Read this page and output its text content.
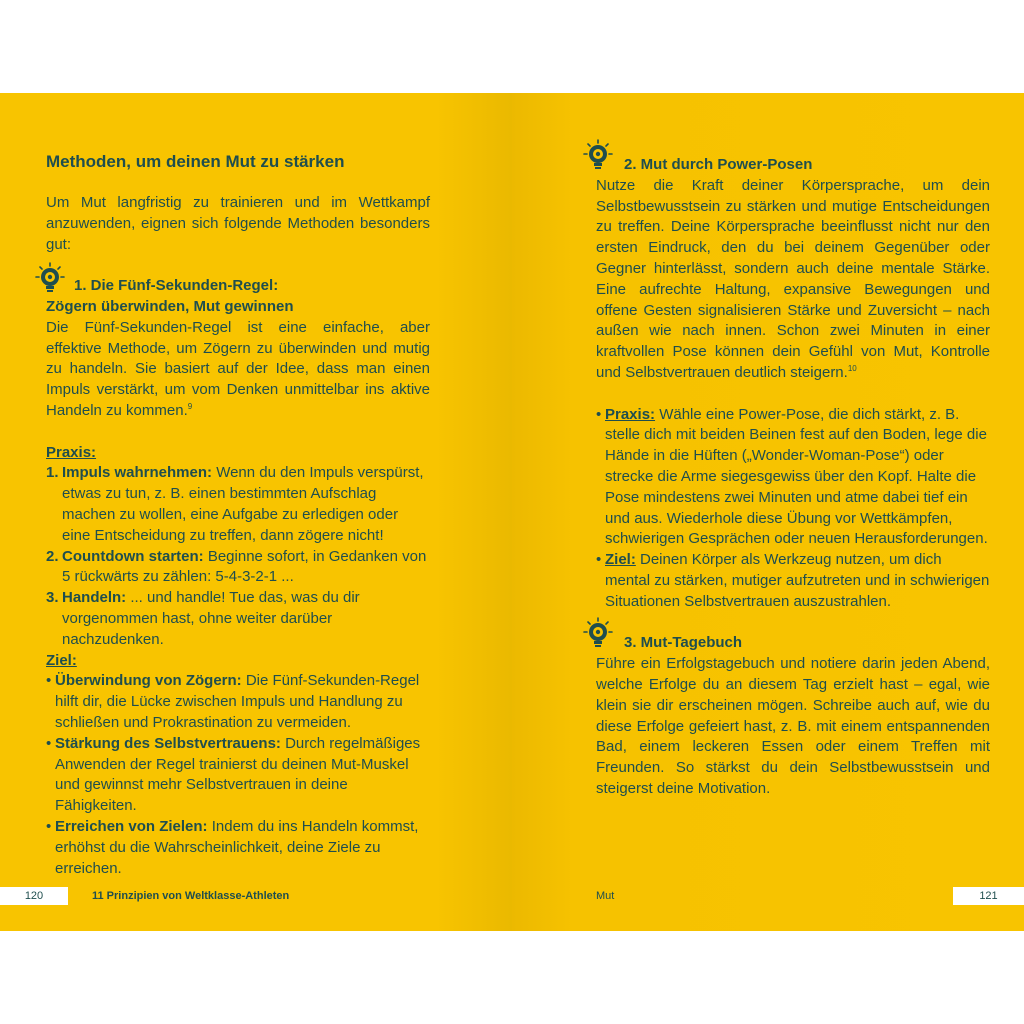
Methoden, um deinen Mut zu stärken

Um Mut langfristig zu trainieren und im Wettkampf anzuwenden, eignen sich folgende Methoden besonders gut:

1. Die Fünf-Sekunden-Regel:

Zögern überwinden, Mut gewinnen

Die Fünf-Sekunden-Regel ist eine einfache, aber effektive Methode, um Zögern zu überwinden und mutig zu handeln. Sie basiert auf der Idee, dass man einen Impuls verstärkt, um vom Denken unmittelbar ins aktive Handeln zu kommen.$^9$

Praxis:

1. Impuls wahrnehmen: Wenn du den Impuls verspürst, etwas zu tun, z. B. einen bestimmten Aufschlag machen zu wollen, eine Aufgabe zu erledigen oder eine Entscheidung zu treffen, dann zögere nicht!
2. Countdown starten: Beginne sofort, in Gedanken von 5 rückwärts zu zählen: 5-4-3-2-1 ...
3. Handeln: ... und handle! Tue das, was du dir vorgenommen hast, ohne weiter darüber nachzudenken.

Ziel:

• Überwindung von Zögern: Die Fünf-Sekunden-Regel hilft dir, die Lücke zwischen Impuls und Handlung zu schließen und Prokrastination zu vermeiden.
• Stärkung des Selbstvertrauens: Durch regelmäßiges Anwenden der Regel trainierst du deinen Mut-Muskel und gewinnst mehr Selbstvertrauen in deine Fähigkeiten.
• Erreichen von Zielen: Indem du ins Handeln kommst, erhöhst du die Wahrscheinlichkeit, deine Ziele zu erreichen.

2. Mut durch Power-Posen

Nutze die Kraft deiner Körpersprache, um dein Selbstbewusstsein zu stärken und mutige Entscheidungen zu treffen. Deine Körpersprache beeinflusst nicht nur den ersten Eindruck, den du bei deinem Gegenüber oder Gegner hinterlässt, sondern auch deine mentale Stärke. Eine aufrechte Haltung, expansive Bewegungen und offene Gesten signalisieren Stärke und Zuversicht – nach außen wie nach innen. Schon zwei Minuten in einer kraftvollen Pose können dein Gefühl von Mut, Kontrolle und Selbstvertrauen deutlich steigern.$^{10}$

• Praxis: Wähle eine Power-Pose, die dich stärkt, z. B. stelle dich mit beiden Beinen fest auf den Boden, lege die Hände in die Hüften („Wonder-Woman-Pose“) oder strecke die Arme siegesgewiss über den Kopf. Halte die Pose mindestens zwei Minuten und atme dabei tief ein und aus. Wiederhole diese Übung vor Wettkämpfen, schwierigen Gesprächen oder neuen Herausforderungen.
• Ziel: Deinen Körper als Werkzeug nutzen, um dich mental zu stärken, mutiger aufzutreten und in schwierigen Situationen Selbstvertrauen auszustrahlen.

3. Mut-Tagebuch

Führe ein Erfolgstagebuch und notiere darin jeden Abend, welche Erfolge du an diesem Tag erzielt hast – egal, wie klein sie dir erscheinen mögen. Schreibe auch auf, wie du diese Erfolge gefeiert hast, z. B. mit einem entspannenden Bad, einem leckeren Essen oder einem Treffen mit Freunden. So stärkst du dein Selbstbewusstsein und steigerst deine Motivation.

120	11 Prinzipien von Weltklasse-Athleten	Mut	121
